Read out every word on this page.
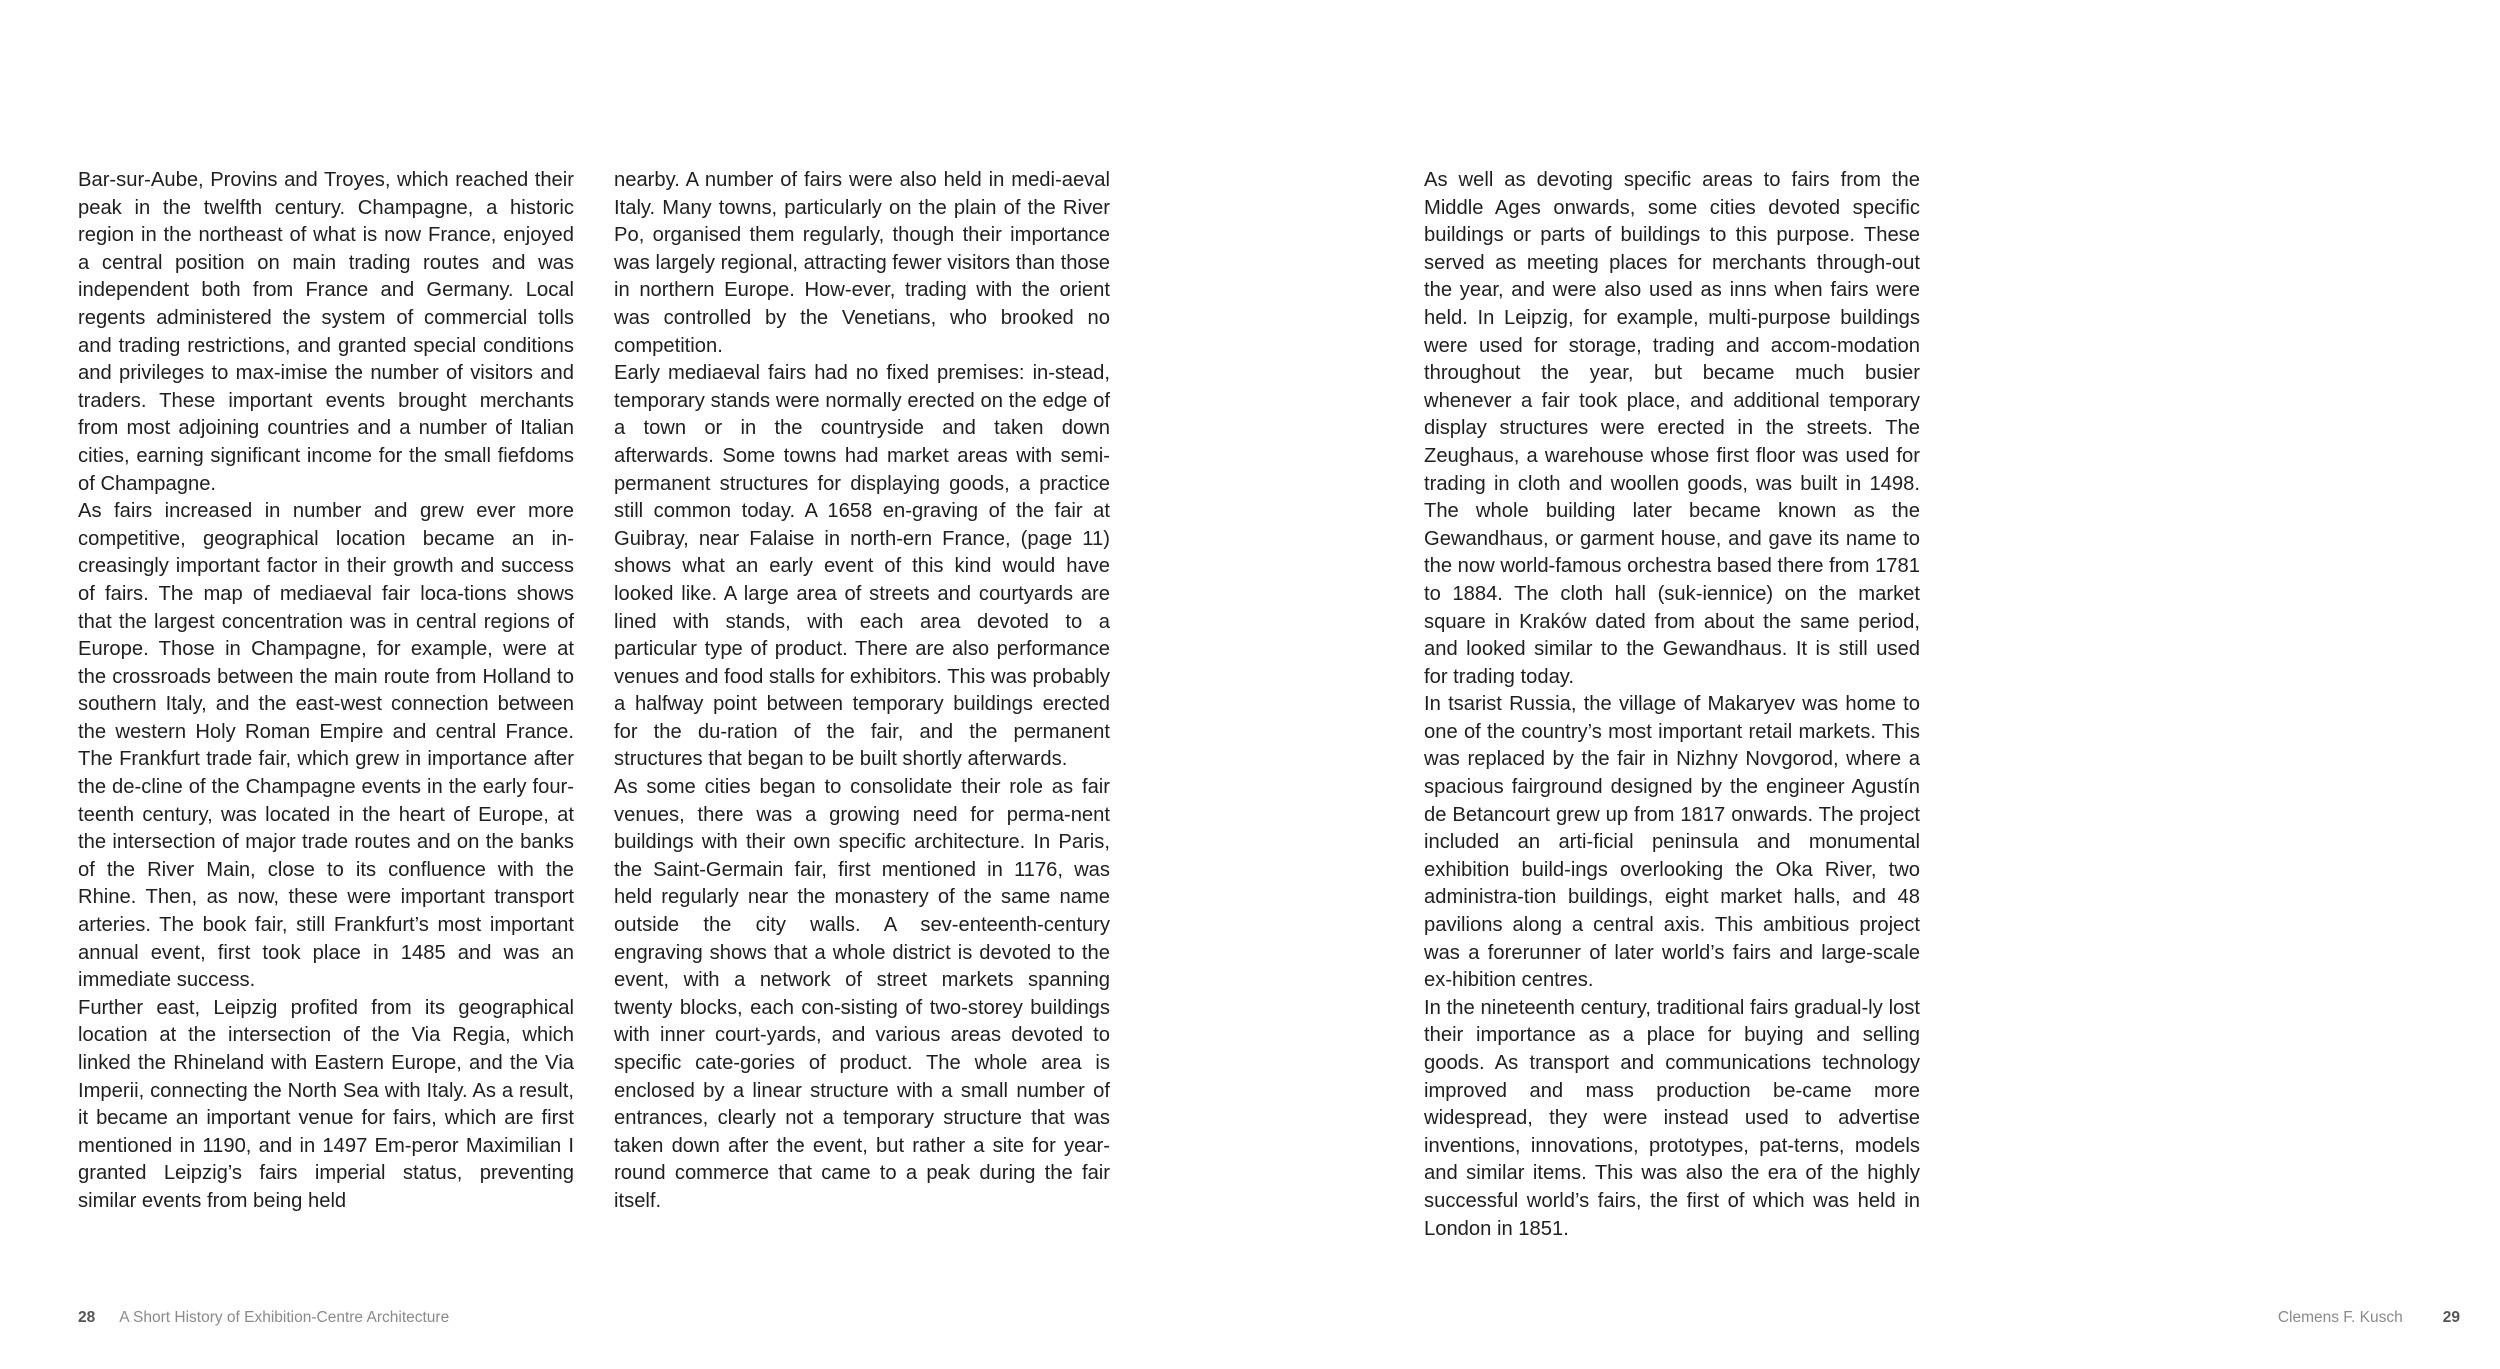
Bar-sur-Aube, Provins and Troyes, which reached their peak in the twelfth century. Champagne, a historic region in the northeast of what is now France, enjoyed a central position on main trading routes and was independent both from France and Germany. Local regents administered the system of commercial tolls and trading restrictions, and granted special conditions and privileges to max-imise the number of visitors and traders. These important events brought merchants from most adjoining countries and a number of Italian cities, earning significant income for the small fiefdoms of Champagne.

As fairs increased in number and grew ever more competitive, geographical location became an in-creasingly important factor in their growth and success of fairs. The map of mediaeval fair loca-tions shows that the largest concentration was in central regions of Europe. Those in Champagne, for example, were at the crossroads between the main route from Holland to southern Italy, and the east-west connection between the western Holy Roman Empire and central France. The Frankfurt trade fair, which grew in importance after the de-cline of the Champagne events in the early four-teenth century, was located in the heart of Europe, at the intersection of major trade routes and on the banks of the River Main, close to its confluence with the Rhine. Then, as now, these were important transport arteries. The book fair, still Frankfurt’s most important annual event, first took place in 1485 and was an immediate success.

Further east, Leipzig profited from its geographical location at the intersection of the Via Regia, which linked the Rhineland with Eastern Europe, and the Via Imperii, connecting the North Sea with Italy. As a result, it became an important venue for fairs, which are first mentioned in 1190, and in 1497 Em-peror Maximilian I granted Leipzig’s fairs imperial status, preventing similar events from being held

nearby. A number of fairs were also held in medi-aeval Italy. Many towns, particularly on the plain of the River Po, organised them regularly, though their importance was largely regional, attracting fewer visitors than those in northern Europe. How-ever, trading with the orient was controlled by the Venetians, who brooked no competition.

Early mediaeval fairs had no fixed premises: in-stead, temporary stands were normally erected on the edge of a town or in the countryside and taken down afterwards. Some towns had market areas with semi-permanent structures for displaying goods, a practice still common today. A 1658 en-graving of the fair at Guibray, near Falaise in north-ern France, (page 11) shows what an early event of this kind would have looked like. A large area of streets and courtyards are lined with stands, with each area devoted to a particular type of product. There are also performance venues and food stalls for exhibitors. This was probably a halfway point between temporary buildings erected for the du-ration of the fair, and the permanent structures that began to be built shortly afterwards.

As some cities began to consolidate their role as fair venues, there was a growing need for perma-nent buildings with their own specific architecture. In Paris, the Saint-Germain fair, first mentioned in 1176, was held regularly near the monastery of the same name outside the city walls. A sev-enteenth-century engraving shows that a whole district is devoted to the event, with a network of street markets spanning twenty blocks, each con-sisting of two-storey buildings with inner court-yards, and various areas devoted to specific cate-gories of product. The whole area is enclosed by a linear structure with a small number of entrances, clearly not a temporary structure that was taken down after the event, but rather a site for year-round commerce that came to a peak during the fair itself.

As well as devoting specific areas to fairs from the Middle Ages onwards, some cities devoted specific buildings or parts of buildings to this purpose. These served as meeting places for merchants through-out the year, and were also used as inns when fairs were held. In Leipzig, for example, multi-purpose buildings were used for storage, trading and accom-modation throughout the year, but became much busier whenever a fair took place, and additional temporary display structures were erected in the streets. The Zeughaus, a warehouse whose first floor was used for trading in cloth and woollen goods, was built in 1498. The whole building later became known as the Gewandhaus, or garment house, and gave its name to the now world-famous orchestra based there from 1781 to 1884. The cloth hall (suk-iennice) on the market square in Kraków dated from about the same period, and looked similar to the Gewandhaus. It is still used for trading today.

In tsarist Russia, the village of Makaryev was home to one of the country’s most important retail markets. This was replaced by the fair in Nizhny Novgorod, where a spacious fairground designed by the engineer Agustín de Betancourt grew up from 1817 onwards. The project included an arti-ficial peninsula and monumental exhibition build-ings overlooking the Oka River, two administra-tion buildings, eight market halls, and 48 pavilions along a central axis. This ambitious project was a forerunner of later world’s fairs and large-scale ex-hibition centres.

In the nineteenth century, traditional fairs gradual-ly lost their importance as a place for buying and selling goods. As transport and communications technology improved and mass production be-came more widespread, they were instead used to advertise inventions, innovations, prototypes, pat-terns, models and similar items. This was also the era of the highly successful world’s fairs, the first of which was held in London in 1851.

28 A Short History of Exhibition-Centre Architecture	Clemens F. Kusch	29
